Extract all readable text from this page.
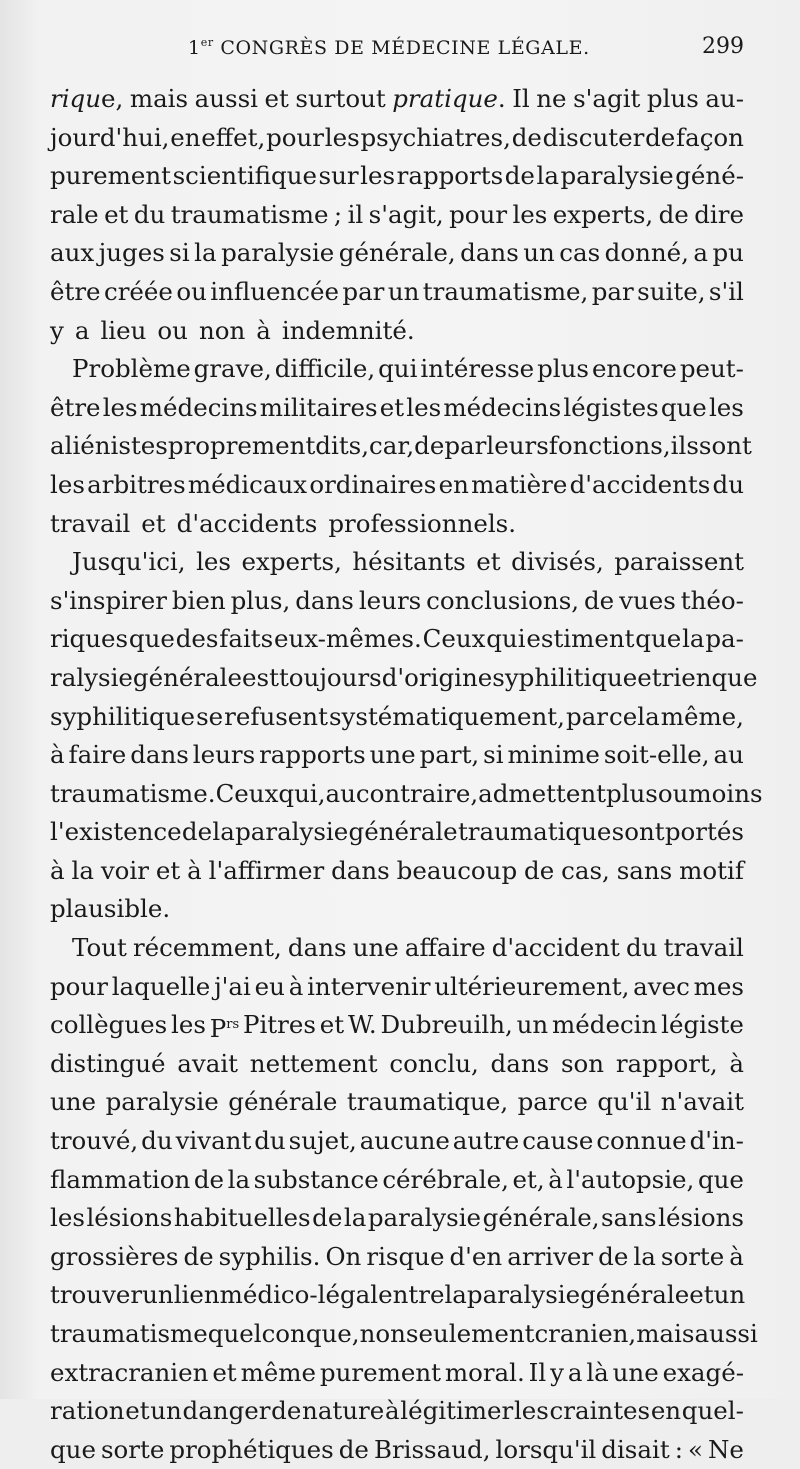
1er CONGRÈS DE MÉDECINE LÉGALE.	299
rique, mais aussi et surtout pratique. Il ne s'agit plus au-
jourd'hui, en effet, pour les psychiatres, de discuter de façon
purement scientifique sur les rapports de la paralysie géné-
rale et du traumatisme ; il s'agit, pour les experts, de dire
aux juges si la paralysie générale, dans un cas donné, a pu
être créée ou influencée par un traumatisme, par suite, s'il
y a lieu ou non à indemnité.
Problème grave, difficile, qui intéresse plus encore peut-
être les médecins militaires et les médecins légistes que les
aliénistes proprement dits, car, de par leurs fonctions, ils sont
les arbitres médicaux ordinaires en matière d'accidents du
travail et d'accidents professionnels.
Jusqu'ici, les experts, hésitants et divisés, paraissent
s'inspirer bien plus, dans leurs conclusions, de vues théo-
riques que des faits eux-mêmes. Ceux qui estiment que la pa-
ralysie générale est toujours d'origine syphilitique et rien que
syphilitique se refusent systématiquement, par cela même,
à faire dans leurs rapports une part, si minime soit-elle, au
traumatisme. Ceux qui, au contraire, admettent plus ou moins
l'existence de la paralysie générale traumatique sont portés
à la voir et à l'affirmer dans beaucoup de cas, sans motif
plausible.
Tout récemment, dans une affaire d'accident du travail
pour laquelle j'ai eu à intervenir ultérieurement, avec mes
collègues les $P^{rs}$ Pitres et W. Dubreuilh, un médecin légiste
distingué avait nettement conclu, dans son rapport, à
une paralysie générale traumatique, parce qu'il n'avait
trouvé, du vivant du sujet, aucune autre cause connue d'in-
flammation de la substance cérébrale, et, à l'autopsie, que
les lésions habituelles de la paralysie générale, sans lésions
grossières de syphilis. On risque d'en arriver de la sorte à
trouver un lien médico-légal entre la paralysie générale et un
traumatisme quelconque, non seulement cranien, mais aussi
extracranien et même purement moral. Il y a là une exagé-
ration et un danger de nature à légitimer les craintes en quel-
que sorte prophétiques de Brissaud, lorsqu'il disait : « Ne
